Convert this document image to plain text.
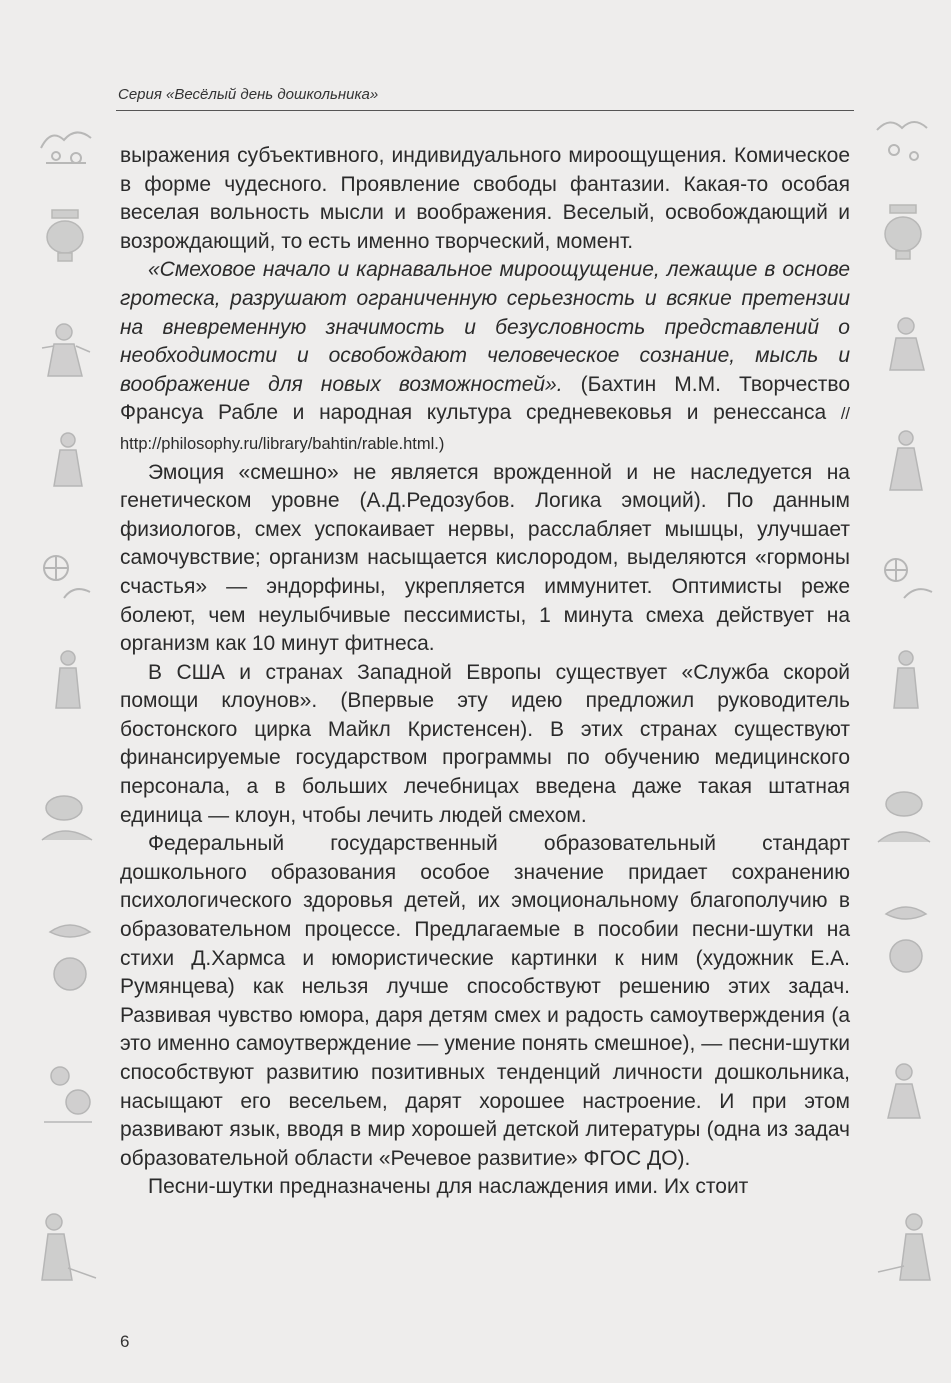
Серия «Весёлый день дошкольника»

выражения субъективного, индивидуального мироощущения. Комическое в форме чудесного. Проявление свободы фантазии. Какая-то особая веселая вольность мысли и воображения. Веселый, освобождающий и возрождающий, то есть именно творческий, момент.

«Смеховое начало и карнавальное мироощущение, лежащие в основе гротеска, разрушают ограниченную серьезность и всякие претензии на вневременную значимость и безусловность представлений о необходимости и освобождают человеческое сознание, мысль и воображение для новых возможностей». (Бахтин М.М. Творчество Франсуа Рабле и народная культура средневековья и ренессанса // http://philosophy.ru/library/bahtin/rable.html.)

Эмоция «смешно» не является врожденной и не наследуется на генетическом уровне (А.Д.Редозубов. Логика эмоций). По данным физиологов, смех успокаивает нервы, расслабляет мышцы, улучшает самочувствие; организм насыщается кислородом, выделяются «гормоны счастья» — эндорфины, укрепляется иммунитет. Оптимисты реже болеют, чем неулыбчивые пессимисты, 1 минута смеха действует на организм как 10 минут фитнеса.

В США и странах Западной Европы существует «Служба скорой помощи клоунов». (Впервые эту идею предложил руководитель бостонского цирка Майкл Кристенсен). В этих странах существуют финансируемые государством программы по обучению медицинского персонала, а в больших лечебницах введена даже такая штатная единица — клоун, чтобы лечить людей смехом.

Федеральный государственный образовательный стандарт дошкольного образования особое значение придает сохранению психологического здоровья детей, их эмоциональному благополучию в образовательном процессе. Предлагаемые в пособии песни-шутки на стихи Д.Хармса и юмористические картинки к ним (художник Е.А. Румянцева) как нельзя лучше способствуют решению этих задач. Развивая чувство юмора, даря детям смех и радость самоутверждения (а это именно самоутверждение — умение понять смешное), — песни-шутки способствуют развитию позитивных тенденций личности дошкольника, насыщают его весельем, дарят хорошее настроение. И при этом развивают язык, вводя в мир хорошей детской литературы (одна из задач образовательной области «Речевое развитие» ФГОС ДО).

Песни-шутки предназначены для наслаждения ими. Их стоит

6
